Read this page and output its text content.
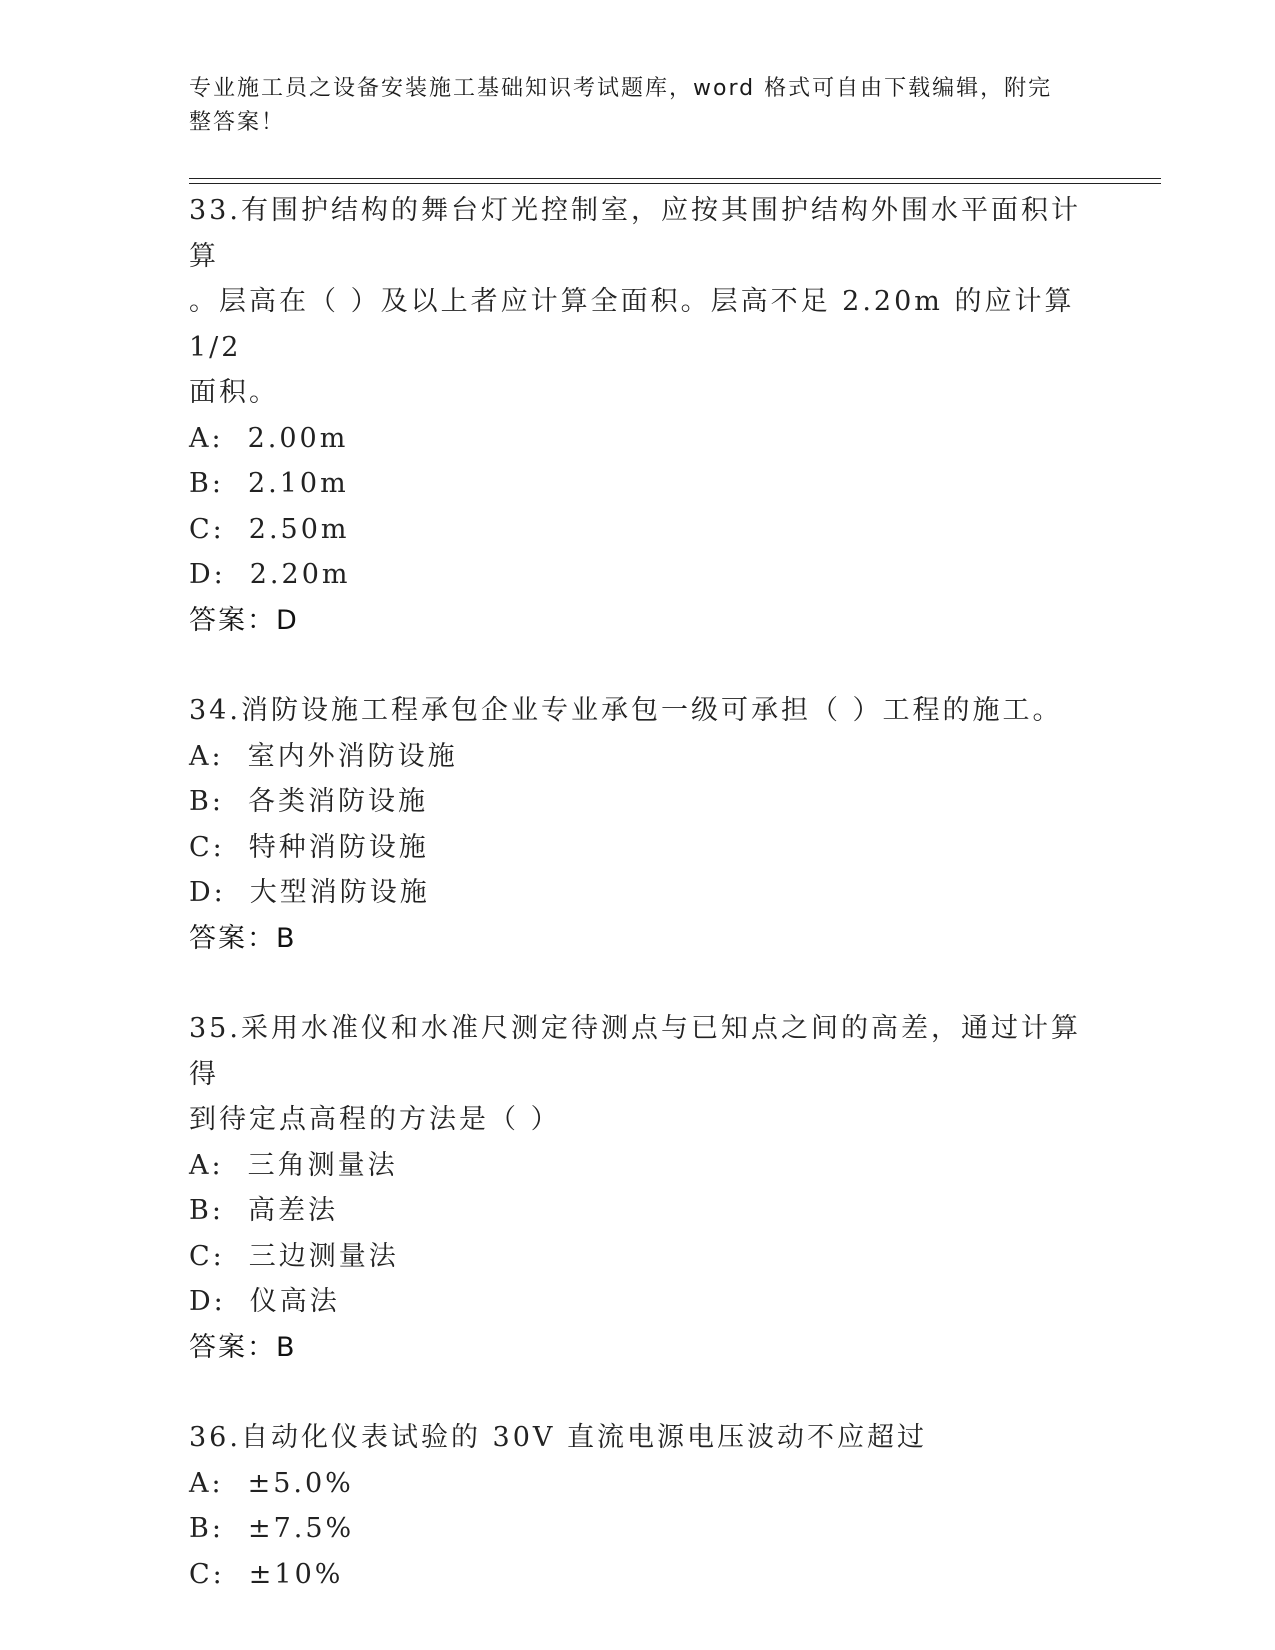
专业施工员之设备安装施工基础知识考试题库，word 格式可自由下载编辑，附完整答案！
33.有围护结构的舞台灯光控制室，应按其围护结构外围水平面积计算
。层高在（ ）及以上者应计算全面积。层高不足 2.20m 的应计算 1/2
面积。
A: 2.00m
B: 2.10m
C: 2.50m
D: 2.20m
答案：D
34.消防设施工程承包企业专业承包一级可承担（ ）工程的施工。
A: 室内外消防设施
B: 各类消防设施
C: 特种消防设施
D: 大型消防设施
答案：B
35.采用水准仪和水准尺测定待测点与已知点之间的高差，通过计算得
到待定点高程的方法是（ ）
A: 三角测量法
B: 高差法
C: 三边测量法
D: 仪高法
答案：B
36.自动化仪表试验的 30V 直流电源电压波动不应超过
A: ±5.0%
B: ±7.5%
C: ±10%
